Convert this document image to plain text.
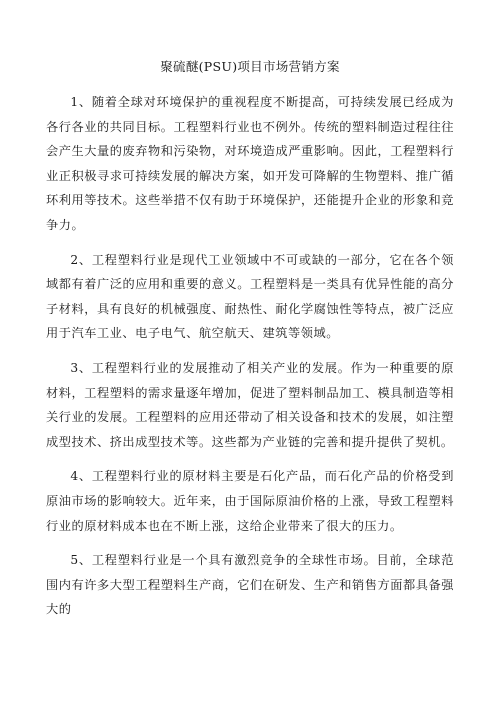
聚硫醚(PSU)项目市场营销方案

1、随着全球对环境保护的重视程度不断提高，可持续发展已经成为各行各业的共同目标。工程塑料行业也不例外。传统的塑料制造过程往往会产生大量的废弃物和污染物，对环境造成严重影响。因此，工程塑料行业正积极寻求可持续发展的解决方案，如开发可降解的生物塑料、推广循环利用等技术。这些举措不仅有助于环境保护，还能提升企业的形象和竞争力。

2、工程塑料行业是现代工业领域中不可或缺的一部分，它在各个领域都有着广泛的应用和重要的意义。工程塑料是一类具有优异性能的高分子材料，具有良好的机械强度、耐热性、耐化学腐蚀性等特点，被广泛应用于汽车工业、电子电气、航空航天、建筑等领域。

3、工程塑料行业的发展推动了相关产业的发展。作为一种重要的原材料，工程塑料的需求量逐年增加，促进了塑料制品加工、模具制造等相关行业的发展。工程塑料的应用还带动了相关设备和技术的发展，如注塑成型技术、挤出成型技术等。这些都为产业链的完善和提升提供了契机。

4、工程塑料行业的原材料主要是石化产品，而石化产品的价格受到原油市场的影响较大。近年来，由于国际原油价格的上涨，导致工程塑料行业的原材料成本也在不断上涨，这给企业带来了很大的压力。

5、工程塑料行业是一个具有激烈竞争的全球性市场。目前，全球范围内有许多大型工程塑料生产商，它们在研发、生产和销售方面都具备强大的
